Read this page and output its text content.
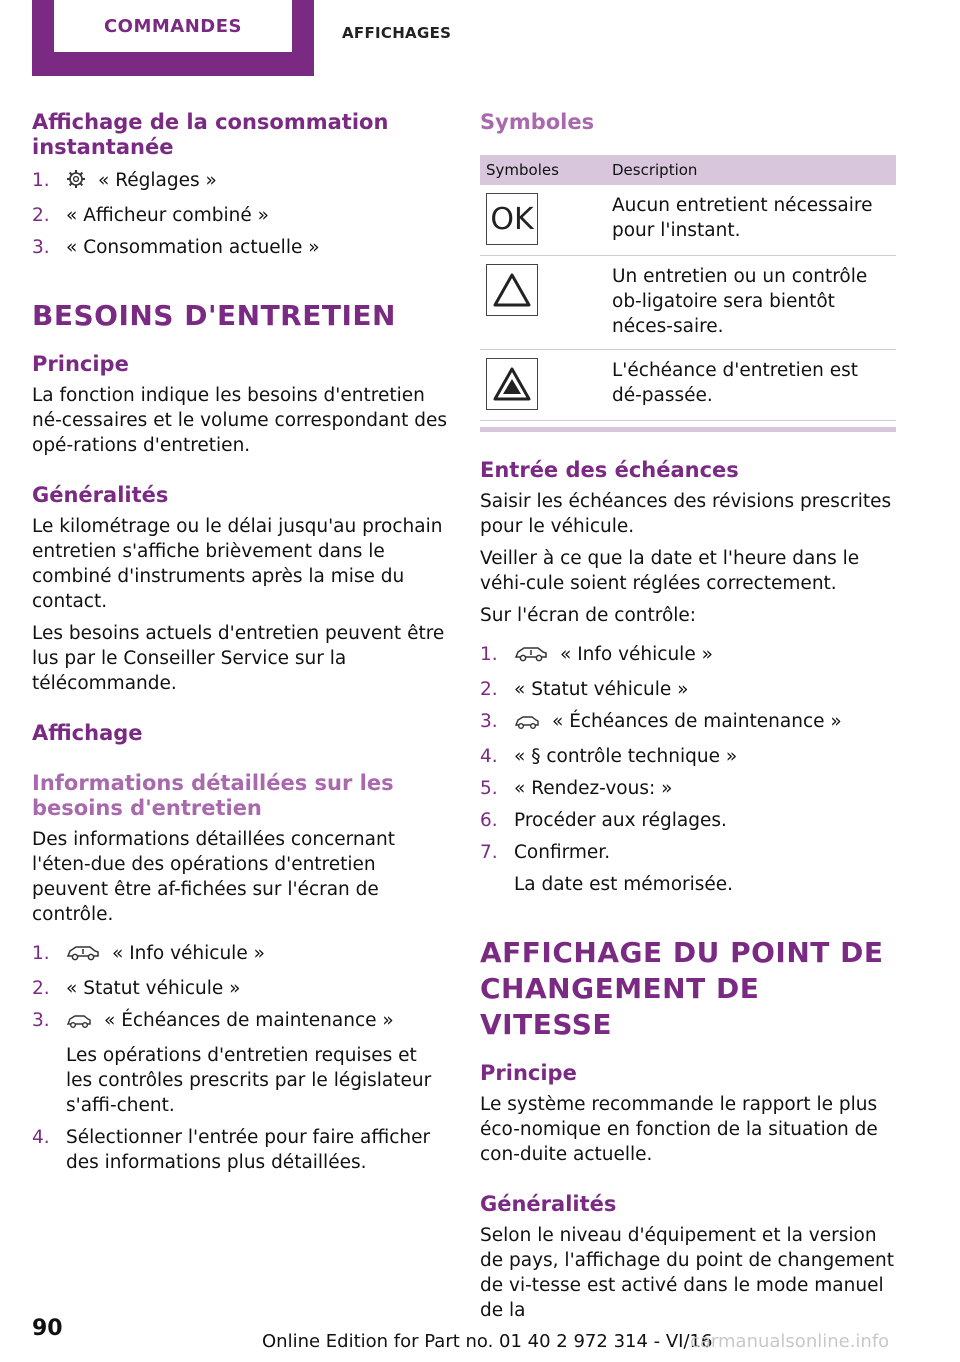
COMMANDES	AFFICHAGES
Affichage de la consommation instantanée
1.	« Réglages »
2. « Afficheur combiné »
3. « Consommation actuelle »
BESOINS D'ENTRETIEN
Principe

La fonction indique les besoins d'entretien né-cessaires et le volume correspondant des opé-rations d'entretien.

Généralités

Le kilométrage ou le délai jusqu'au prochain entretien s'affiche brièvement dans le combiné d'instruments après la mise du contact.

Les besoins actuels d'entretien peuvent être lus par le Conseiller Service sur la télécommande.

Affichage
Informations détaillées sur les besoins d'entretien

Des informations détaillées concernant l'éten-due des opérations d'entretien peuvent être af-fichées sur l'écran de contrôle.

1.	« Info véhicule »
2. « Statut véhicule »
3.	« Échéances de maintenance »
Les opérations d'entretien requises et les contrôles prescrits par le législateur s'affi-chent.
4. Sélectionner l'entrée pour faire afficher des informations plus détaillées.
Symboles
Symboles	Description

OK	Aucun entretient nécessaire pour l'instant.

	Un entretien ou un contrôle ob-ligatoire sera bientôt néces-saire.

	L'échéance d'entretien est dé-passée.
Entrée des échéances

Saisir les échéances des révisions prescrites pour le véhicule.

Veiller à ce que la date et l'heure dans le véhi-cule soient réglées correctement.

Sur l'écran de contrôle:

1.	« Info véhicule »
2. « Statut véhicule »
3.	« Échéances de maintenance »
4. « § contrôle technique »
5. « Rendez-vous: »
6. Procéder aux réglages.
7. Confirmer.
La date est mémorisée.
AFFICHAGE DU POINT DE CHANGEMENT DE VITESSE
Principe

Le système recommande le rapport le plus éco-nomique en fonction de la situation de con-duite actuelle.

Généralités

Selon le niveau d'équipement et la version de pays, l'affichage du point de changement de vi-tesse est activé dans le mode manuel de la

90
Online Edition for Part no. 01 40 2 972 314 - VI/16
carmanualsonline.info
